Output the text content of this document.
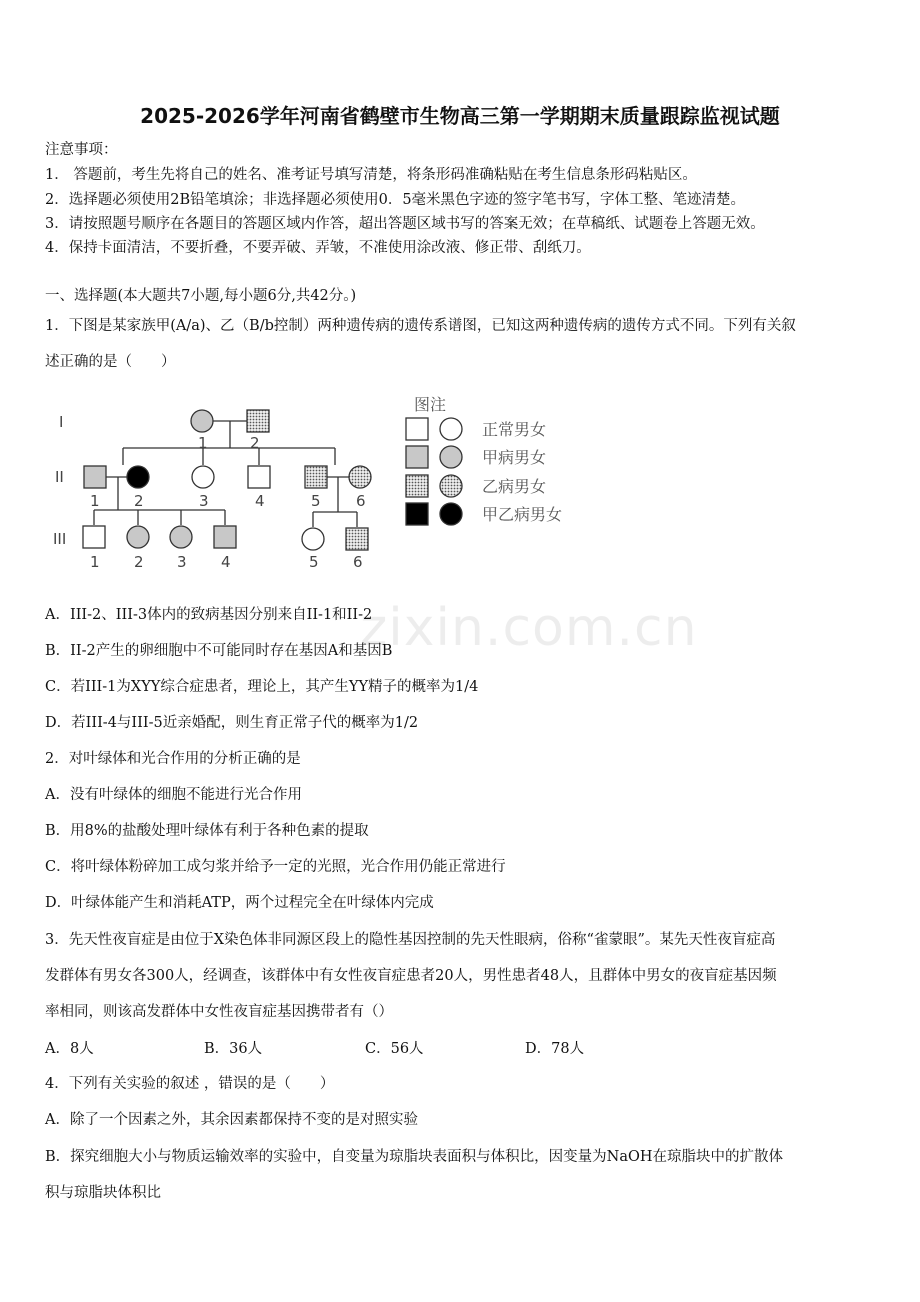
2025-2026学年河南省鹤壁市生物高三第一学期期末质量跟踪监视试题
注意事项：
1． 答题前，考生先将自己的姓名、准考证号填写清楚，将条形码准确粘贴在考生信息条形码粘贴区。
2．选择题必须使用2B铅笔填涂；非选择题必须使用0．5毫米黑色字迹的签字笔书写，字体工整、笔迹清楚。
3．请按照题号顺序在各题目的答题区域内作答，超出答题区域书写的答案无效；在草稿纸、试题卷上答题无效。
4．保持卡面清洁，不要折叠，不要弄破、弄皱，不准使用涂改液、修正带、刮纸刀。
一、选择题(本大题共7小题,每小题6分,共42分。)
1．下图是某家族甲(A/a)、乙（B/b控制）两种遗传病的遗传系谱图，已知这两种遗传病的遗传方式不同。下列有关叙
述正确的是（　　）
I
II
III
1	2
1 2	3	4	5 6
1 2 3 4	5 6
图注
正常男女
甲病男女
乙病男女
甲乙病男女
zixin.com.cn
A．III-2、III-3体内的致病基因分别来自II-1和II-2
B．II-2产生的卵细胞中不可能同时存在基因A和基因B
C．若III-1为XYY综合症患者，理论上，其产生YY精子的概率为1/4
D．若III-4与III-5近亲婚配，则生育正常子代的概率为1/2
2．对叶绿体和光合作用的分析正确的是
A．没有叶绿体的细胞不能进行光合作用
B．用8%的盐酸处理叶绿体有利于各种色素的提取
C．将叶绿体粉碎加工成匀浆并给予一定的光照，光合作用仍能正常进行
D．叶绿体能产生和消耗ATP，两个过程完全在叶绿体内完成
3．先天性夜盲症是由位于X染色体非同源区段上的隐性基因控制的先天性眼病，俗称“雀蒙眼”。某先天性夜盲症高
发群体有男女各300人，经调查，该群体中有女性夜盲症患者20人，男性患者48人，且群体中男女的夜盲症基因频
率相同，则该高发群体中女性夜盲症基因携带者有（）
A．8人	B．36人	C．56人	D．78人
4．下列有关实验的叙述 ，错误的是（　　）
A．除了一个因素之外，其余因素都保持不变的是对照实验
B．探究细胞大小与物质运输效率的实验中，自变量为琼脂块表面积与体积比，因变量为NaOH在琼脂块中的扩散体
积与琼脂块体积比
